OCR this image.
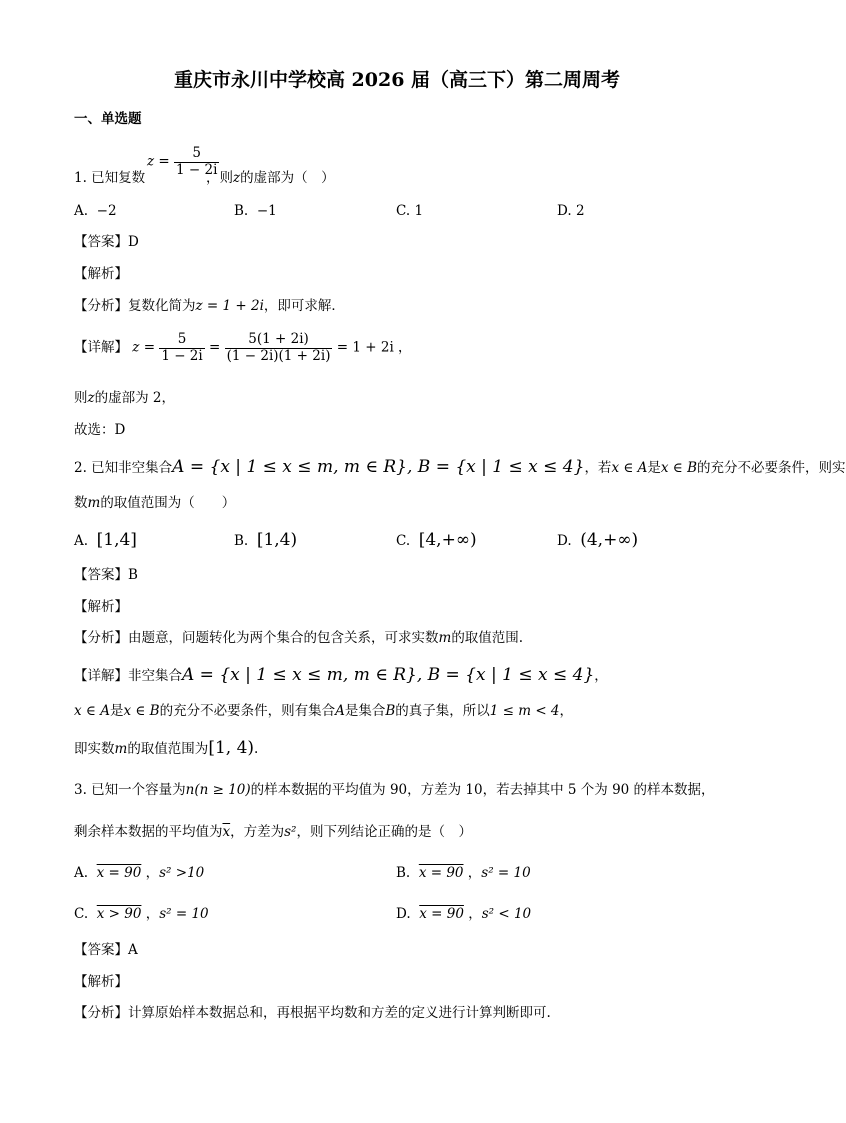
重庆市永川中学校高 2026 届（高三下）第二周周考
一、单选题
$z = \frac{5}{1 - 2i}$
1. 已知复数	，则z的虚部为（　）
A. −2	B. −1	C. 1	D. 2
【答案】D
【解析】
【分析】复数化简为z = 1 + 2i，即可求解．
【详解】 $z = \frac{5}{1 - 2i} = \frac{5(1 + 2i)}{(1 - 2i)(1 + 2i)} = 1 + 2i$ ，
则z的虚部为 2，
故选：D
2. 已知非空集合A = {x | 1 ≤ x ≤ m, m ∈ R}, B = {x | 1 ≤ x ≤ 4}，若x ∈ A是x ∈ B的充分不必要条件，则实
数m的取值范围为（　　）
A. [1,4]	B. [1,4)	C. [4,+∞)	D. (4,+∞)
【答案】B
【解析】
【分析】由题意，问题转化为两个集合的包含关系，可求实数m的取值范围.
【详解】非空集合A = {x | 1 ≤ x ≤ m, m ∈ R}, B = {x | 1 ≤ x ≤ 4}，
x ∈ A是x ∈ B的充分不必要条件，则有集合A是集合B的真子集，所以1 ≤ m < 4，
即实数m的取值范围为[1, 4).
3. 已知一个容量为n(n ≥ 10)的样本数据的平均值为 90，方差为 10，若去掉其中 5 个为 90 的样本数据，
剩余样本数据的平均值为$\overline{x}$，方差为s²，则下列结论正确的是（　）
A. x = 90 ，s² >10	B. x = 90 ，s² = 10
C. x > 90 ，s² = 10	D. x = 90 ，s² < 10
【答案】A
【解析】
【分析】计算原始样本数据总和，再根据平均数和方差的定义进行计算判断即可.
